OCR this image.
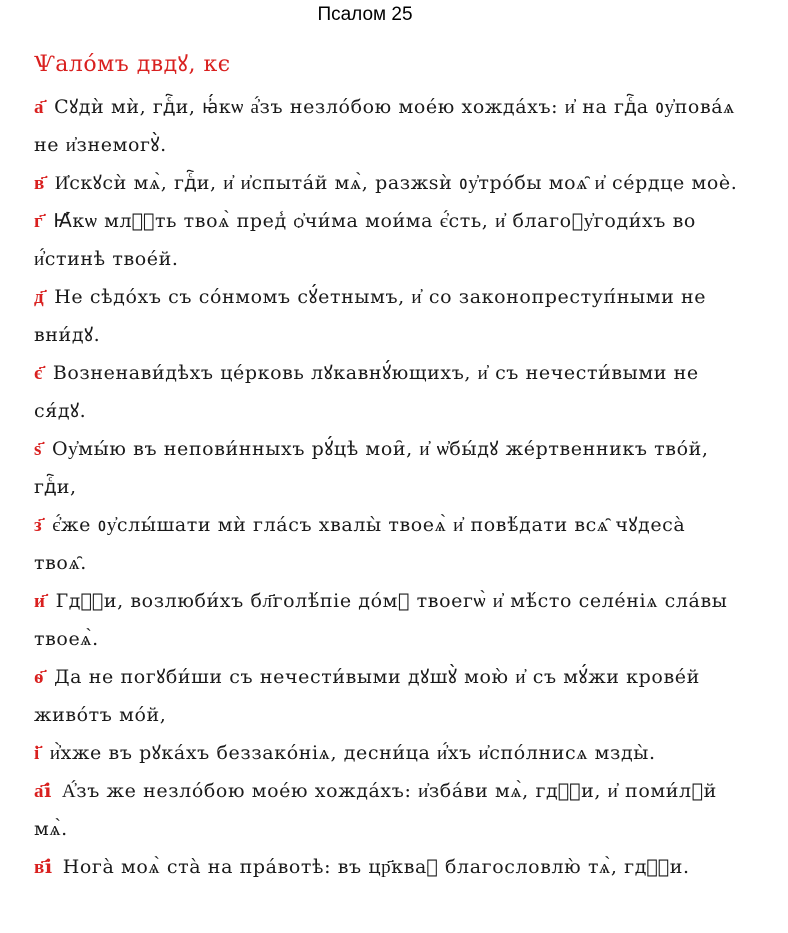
Псалом 25
Ѱалóмъ двдꙋ, кє
а҃ Сꙋдѝ мѝ, гдⷭ҇и, ꙗ҆́кѡ а҆́зъ незло́бою мое́ю хожда́хъ: и҆ на гдⷭ҇а ᲂу҆пова́ѧ не и҆знемогꙋ̀.
в҃ И҆скꙋсѝ мѧ̀, гдⷭ҇и, и҆ и҆спыта́й мѧ̀, разжѕѝ ᲂу҆тро́бы моѧ̑ и҆ се́рдце моѐ.
г҃ Ꙗ҆́кѡ млⷭ҇ть твоѧ̀ пред̾ ѻ҆чи́ма мои́ма є҆́сть, и҆ благоᲂу҆годи́хъ во и҆́стинѣ твое́й.
д҃ Не сѣдо́хъ съ со́нмомъ сꙋ́етнымъ, и҆ со законопреступ́ными не вни́дꙋ.
є҃ Возненави́дѣхъ це́рковь лꙋкавнꙋ́ющихъ, и҆ съ нечести́выми не ся́дꙋ.
ѕ҃ Оу҆мы́ю въ непови́нныхъ рꙋ́цѣ мои̑, и҆ ѡ҆бы́дꙋ же́ртвенникъ тво́й, гдⷭ҇и,
з҃ є҆́же ᲂу҆слы́шати мѝ гла́съ хвалы̀ твоеѧ̀ и҆ повѣ́дати всѧ̑ чꙋдеса̀ твоѧ̑.
и҃ Гдⷭ҇и, возлюби́хъ бл҃голѣ́піе до́мꙋ твоегѡ̀ и҆ мѣ́сто селе́ніѧ сла́вы твоеѧ̀.
ѳ҃ Да не погꙋби́ши съ нечести́выми дꙋшꙋ̀ мою̀ и҆ съ мꙋ́жи крове́й живо́тъ мо́й,
і҃ и҆̀хже въ рꙋка́хъ беззако́ніѧ, десни́ца и҆́хъ и҆спо́лнисѧ мзды̀.
а҃і А҆́зъ же незло́бою мое́ю хожда́хъ: и҆зба́ви мѧ̀, гдⷭ҇и, и҆ поми́лꙋй мѧ̀.
в҃і Нога̀ моѧ̀ ста̀ на пра́вотѣ: въ цр҃кваⷯ благословлю̀ тѧ̀, гдⷭ҇и.
